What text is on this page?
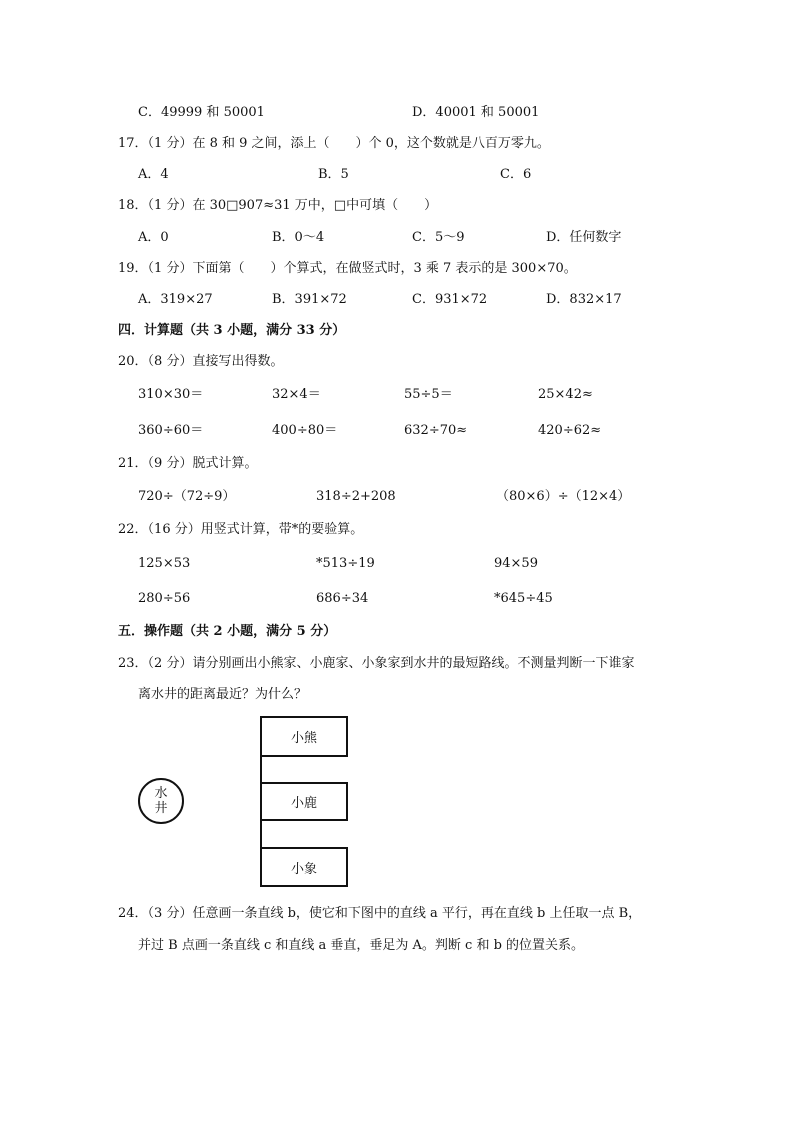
C．49999 和 50001	D．40001 和 50001
17．（1 分）在 8 和 9 之间，添上（　　）个 0，这个数就是八百万零九。
A．4	B．5	C．6
18．（1 分）在 30□907≈31 万中，□中可填（　　）
A．0	B．0～4	C．5～9	D．任何数字
19．（1 分）下面第（　　）个算式，在做竖式时，3 乘 7 表示的是 300×70。
A．319×27	B．391×72	C．931×72	D．832×17
四．计算题（共 3 小题，满分 33 分）
20．（8 分）直接写出得数。
310×30＝	32×4＝	55÷5＝	25×42≈
360÷60＝	400÷80＝	632÷70≈	420÷62≈
21．（9 分）脱式计算。
720÷（72÷9）	318÷2+208	（80×6）÷（12×4）
22．（16 分）用竖式计算，带*的要验算。
125×53	*513÷19	94×59
280÷56	686÷34	*645÷45
五．操作题（共 2 小题，满分 5 分）
23．（2 分）请分别画出小熊家、小鹿家、小象家到水井的最短路线。不测量判断一下谁家
离水井的距离最近？为什么？
小熊
小鹿
小象
水
井
24．（3 分）任意画一条直线 b，使它和下图中的直线 a 平行，再在直线 b 上任取一点 B，
并过 B 点画一条直线 c 和直线 a 垂直，垂足为 A。判断 c 和 b 的位置关系。
